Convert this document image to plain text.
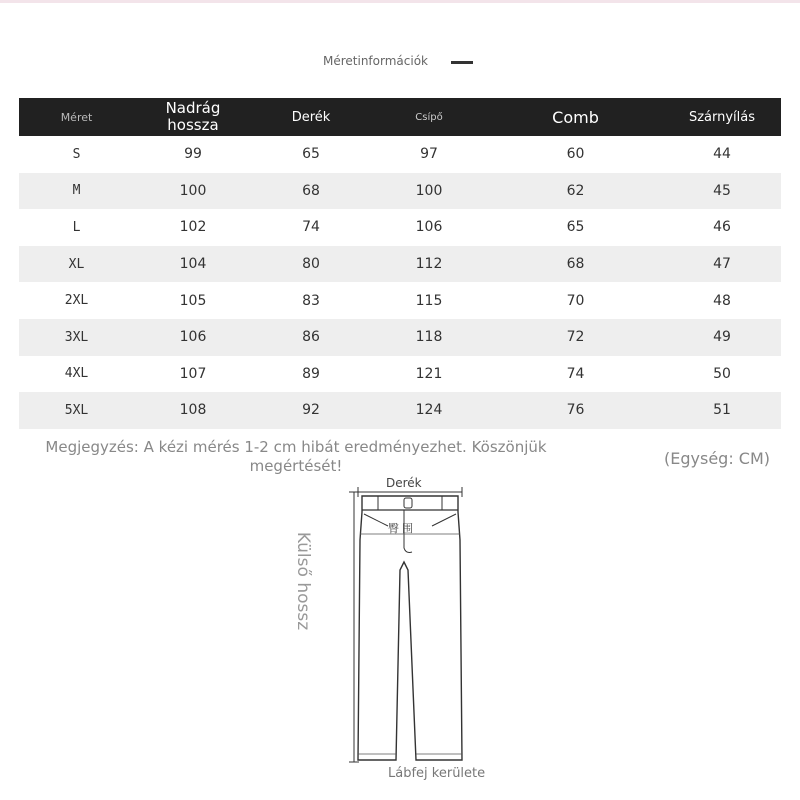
Méretinformációk
Méret	Nadrág hossza	Derék	Csípő	Comb	Szárnyílás
S	99	65	97	60	44
M	100	68	100	62	45
L	102	74	106	65	46
XL	104	80	112	68	47
2XL	105	83	115	70	48
3XL	106	86	118	72	49
4XL	107	89	121	74	50
5XL	108	92	124	76	51
Megjegyzés: A kézi mérés 1-2 cm hibát eredményezhet. Köszönjük megértését!	(Egység: CM)
Derék
臀围
Külső hossz
Lábfej kerülete
